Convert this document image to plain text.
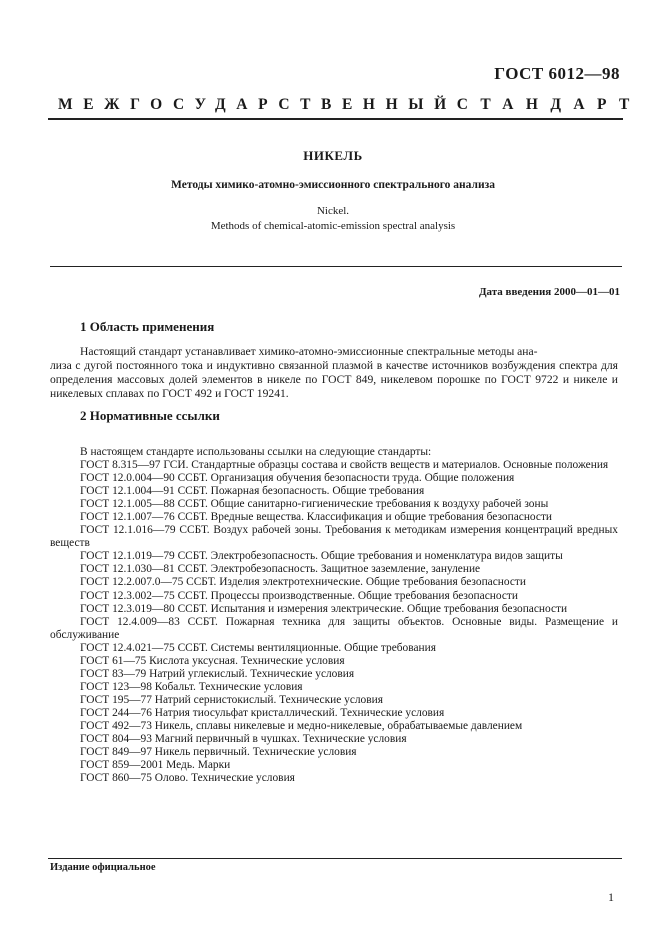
ГОСТ 6012—98
МЕЖГОСУДАРСТВЕННЫЙ СТАНДАРТ
НИКЕЛЬ
Методы химико-атомно-эмиссионного спектрального анализа
Nickel.
Methods of chemical-atomic-emission spectral analysis
Дата введения 2000—01—01
1 Область применения
Настоящий стандарт устанавливает химико-атомно-эмиссионные спектральные методы ана-
лиза с дугой постоянного тока и индуктивно связанной плазмой в качестве источников возбуждения спектра для определения массовых долей элементов в никеле по ГОСТ 849, никелевом порошке по ГОСТ 9722 и никеле и никелевых сплавах по ГОСТ 492 и ГОСТ 19241.
2 Нормативные ссылки
В настоящем стандарте использованы ссылки на следующие стандарты:
ГОСТ 8.315—97 ГСИ. Стандартные образцы состава и свойств веществ и материалов. Основные положения
ГОСТ 12.0.004—90 ССБТ. Организация обучения безопасности труда. Общие положения
ГОСТ 12.1.004—91 ССБТ. Пожарная безопасность. Общие требования
ГОСТ 12.1.005—88 ССБТ. Общие санитарно-гигиенические требования к воздуху рабочей зоны
ГОСТ 12.1.007—76 ССБТ. Вредные вещества. Классификация и общие требования безопасности
ГОСТ 12.1.016—79 ССБТ. Воздух рабочей зоны. Требования к методикам измерения концентраций вредных веществ
ГОСТ 12.1.019—79 ССБТ. Электробезопасность. Общие требования и номенклатура видов защиты
ГОСТ 12.1.030—81 ССБТ. Электробезопасность. Защитное заземление, зануление
ГОСТ 12.2.007.0—75 ССБТ. Изделия электротехнические. Общие требования безопасности
ГОСТ 12.3.002—75 ССБТ. Процессы производственные. Общие требования безопасности
ГОСТ 12.3.019—80 ССБТ. Испытания и измерения электрические. Общие требования безопасности
ГОСТ 12.4.009—83 ССБТ. Пожарная техника для защиты объектов. Основные виды. Размещение и обслуживание
ГОСТ 12.4.021—75 ССБТ. Системы вентиляционные. Общие требования
ГОСТ 61—75 Кислота уксусная. Технические условия
ГОСТ 83—79 Натрий углекислый. Технические условия
ГОСТ 123—98 Кобальт. Технические условия
ГОСТ 195—77 Натрий сернистокислый. Технические условия
ГОСТ 244—76 Натрия тиосульфат кристаллический. Технические условия
ГОСТ 492—73 Никель, сплавы никелевые и медно-никелевые, обрабатываемые давлением
ГОСТ 804—93 Магний первичный в чушках. Технические условия
ГОСТ 849—97 Никель первичный. Технические условия
ГОСТ 859—2001 Медь. Марки
ГОСТ 860—75 Олово. Технические условия
Издание официальное
1
